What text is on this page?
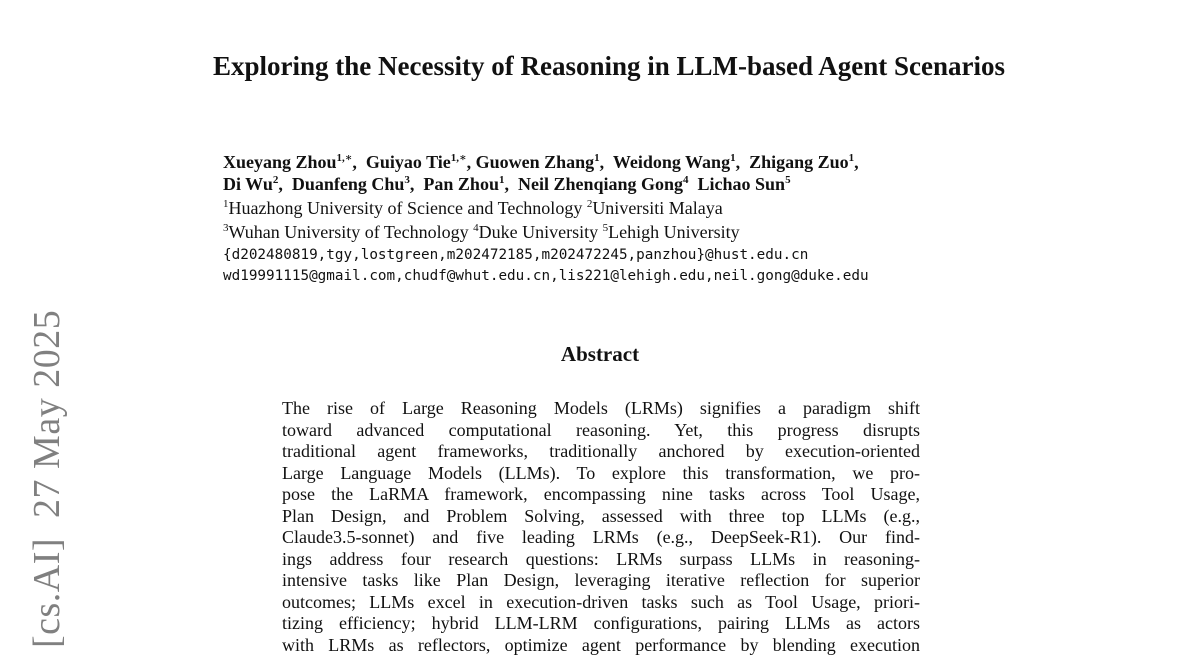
[cs.AI]27 May 2025
Exploring the Necessity of Reasoning in LLM-based Agent Scenarios
Xueyang Zhou$^{1,∗}$,  Guiyao Tie$^{1,∗}$, Guowen Zhang$^1$,  Weidong Wang$^1$,  Zhigang Zuo$^1$,
Di Wu$^2$,  Duanfeng Chu$^3$,  Pan Zhou$^1$,  Neil Zhenqiang Gong$^4$ Lichao Sun$^5$
$^1$Huazhong University of Science and Technology $^2$Universiti Malaya
$^3$Wuhan University of Technology $^4$Duke University $^5$Lehigh University
{d202480819,tgy,lostgreen,m202472185,m202472245,panzhou}@hust.edu.cn
wd19991115@gmail.com,chudf@whut.edu.cn,lis221@lehigh.edu,neil.gong@duke.edu
Abstract
The rise of Large Reasoning Models (LRMs) signifies a paradigm shift
toward advanced computational reasoning. Yet, this progress disrupts
traditional agent frameworks, traditionally anchored by execution-oriented
Large Language Models (LLMs). To explore this transformation, we pro-
pose the LaRMA framework, encompassing nine tasks across Tool Usage,
Plan Design, and Problem Solving, assessed with three top LLMs (e.g.,
Claude3.5-sonnet) and five leading LRMs (e.g., DeepSeek-R1). Our find-
ings address four research questions: LRMs surpass LLMs in reasoning-
intensive tasks like Plan Design, leveraging iterative reflection for superior
outcomes; LLMs excel in execution-driven tasks such as Tool Usage, priori-
tizing efficiency; hybrid LLM-LRM configurations, pairing LLMs as actors
with LRMs as reflectors, optimize agent performance by blending execution
